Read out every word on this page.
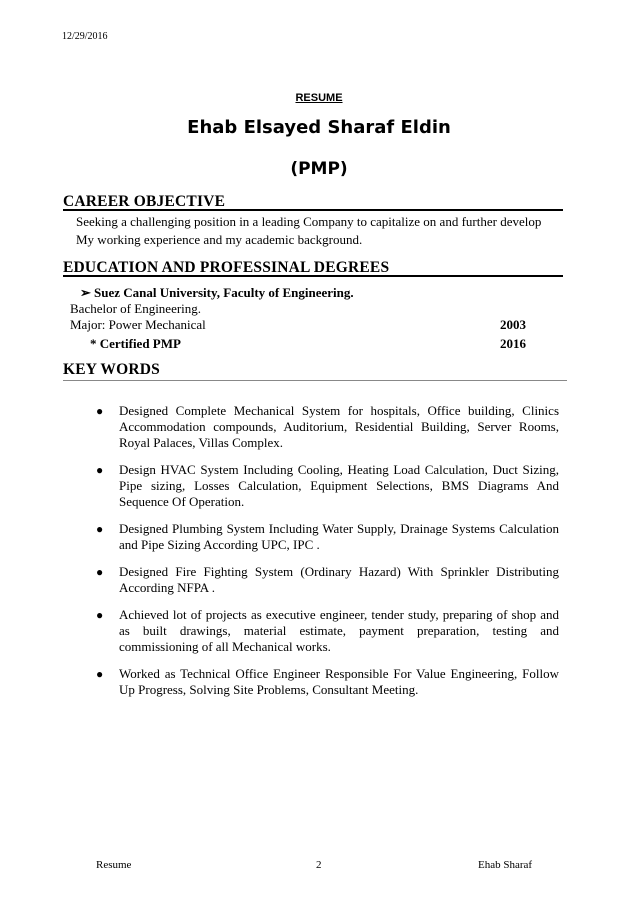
12/29/2016
RESUME
Ehab Elsayed Sharaf Eldin
(PMP)
CAREER OBJECTIVE
Seeking a challenging position in a leading Company to capitalize on and further develop
My working experience and my academic background.
EDUCATION AND PROFESSINAL DEGREES
➢ Suez Canal University, Faculty of Engineering.
Bachelor of Engineering.
Major: Power Mechanical	2003
* Certified PMP	2016
KEY WORDS
● Designed Complete Mechanical System for hospitals, Office building, Clinics Accommodation compounds, Auditorium, Residential Building, Server Rooms, Royal Palaces, Villas Complex.
● Design HVAC System Including Cooling, Heating Load Calculation, Duct Sizing, Pipe sizing, Losses Calculation, Equipment Selections, BMS Diagrams And Sequence Of Operation.
● Designed Plumbing System Including Water Supply, Drainage Systems Calculation and Pipe Sizing According UPC, IPC .
● Designed Fire Fighting System (Ordinary Hazard) With Sprinkler Distributing According NFPA .
● Achieved lot of projects as executive engineer, tender study, preparing of shop and as built drawings, material estimate, payment preparation, testing and commissioning of all Mechanical works.
● Worked as Technical Office Engineer Responsible For Value Engineering, Follow Up Progress, Solving Site Problems, Consultant Meeting.
Resume	2	Ehab Sharaf
